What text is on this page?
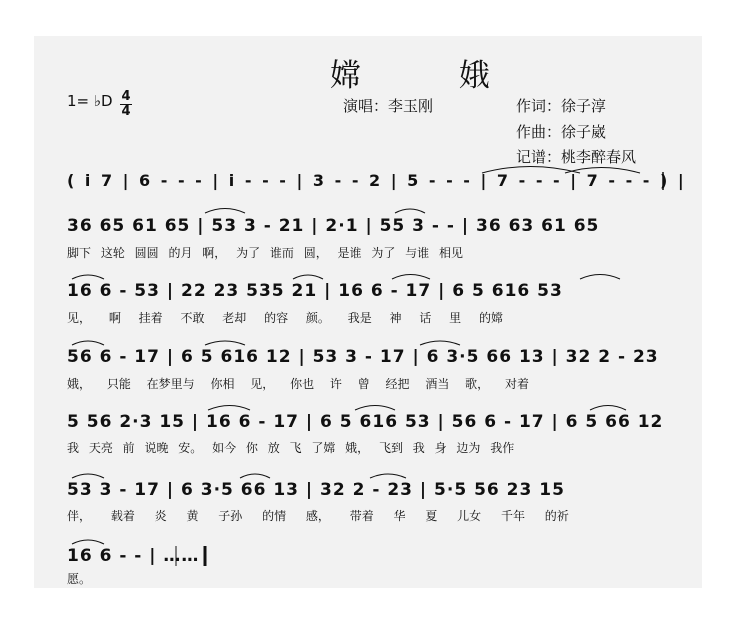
嫦 娥
1= ♭D 4
4	演唱：李玉刚	作词：徐子淳
作曲：徐子崴
记谱：桃李醉春风
( i 7 | 6 - - - | i - - - | 3 - - 2 | 5 - - - | 7 - - - | 7 - - - ) |
36 65 61 65 | 53 3 - 21 | 2·1 | 55 3 - - | 36 63 61 65
脚下 这轮 圆圆 的月 啊， 为了 谁而 圆， 是谁 为了 与谁 相见
16 6 - 53 | 22 23 535 21 | 16 6 - 17 | 6 5 616 53
见， 啊 挂着 不敢 老却 的容 颜。 我是 神 话 里 的嫦
56 6 - 17 | 6 5 616 12 | 53 3 - 17 | 6 3·5 66 13 | 32 2 - 23
娥， 只能 在梦里与 你相 见， 你也 许 曾 经把 酒当 歌， 对着
5 56 2·3 15 | 16 6 - 17 | 6 5 616 53 | 56 6 - 17 | 6 5 66 12
我 天亮 前 说晚 安。 如今 你 放 飞 了嫦 娥， 飞到 我 身 边为 我作
53 3 - 17 | 6 3·5 66 13 | 32 2 - 23 | 5·5 56 23 15
伴， 载着 炎 黄 子孙 的情 感， 带着 华 夏 儿女 千年 的祈
16 6 - - | ……
愿。
